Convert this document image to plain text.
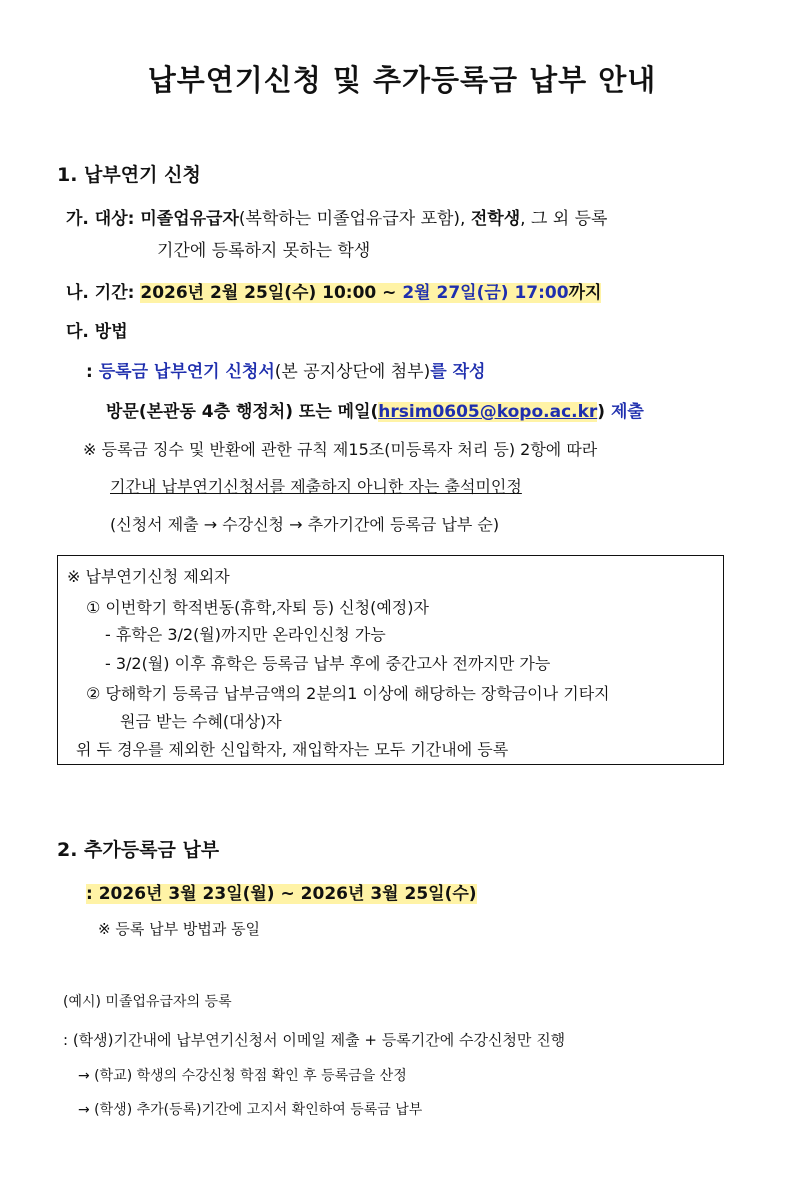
납부연기신청 및 추가등록금 납부 안내
1. 납부연기 신청
가. 대상: 미졸업유급자(복학하는 미졸업유급자 포함), 전학생, 그 외 등록
기간에 등록하지 못하는 학생
나. 기간: 2026년 2월 25일(수) 10:00 ~ 2월 27일(금) 17:00까지
다. 방법
: 등록금 납부연기 신청서(본 공지상단에 첨부)를 작성
방문(본관동 4층 행정처) 또는 메일(hrsim0605@kopo.ac.kr) 제출
※ 등록금 징수 및 반환에 관한 규칙 제15조(미등록자 처리 등) 2항에 따라
기간내 납부연기신청서를 제출하지 아니한 자는 출석미인정
(신청서 제출 → 수강신청 → 추가기간에 등록금 납부 순)
※ 납부연기신청 제외자
① 이번학기 학적변동(휴학,자퇴 등) 신청(예정)자
- 휴학은 3/2(월)까지만 온라인신청 가능
- 3/2(월) 이후 휴학은 등록금 납부 후에 중간고사 전까지만 가능
② 당해학기 등록금 납부금액의 2분의1 이상에 해당하는 장학금이나 기타지
원금 받는 수혜(대상)자
위 두 경우를 제외한 신입학자, 재입학자는 모두 기간내에 등록
2. 추가등록금 납부
: 2026년 3월 23일(월) ~ 2026년 3월 25일(수)
※ 등록 납부 방법과 동일
(예시) 미졸업유급자의 등록
: (학생)기간내에 납부연기신청서 이메일 제출 + 등록기간에 수강신청만 진행
→ (학교) 학생의 수강신청 학점 확인 후 등록금을 산정
→ (학생) 추가(등록)기간에 고지서 확인하여 등록금 납부
